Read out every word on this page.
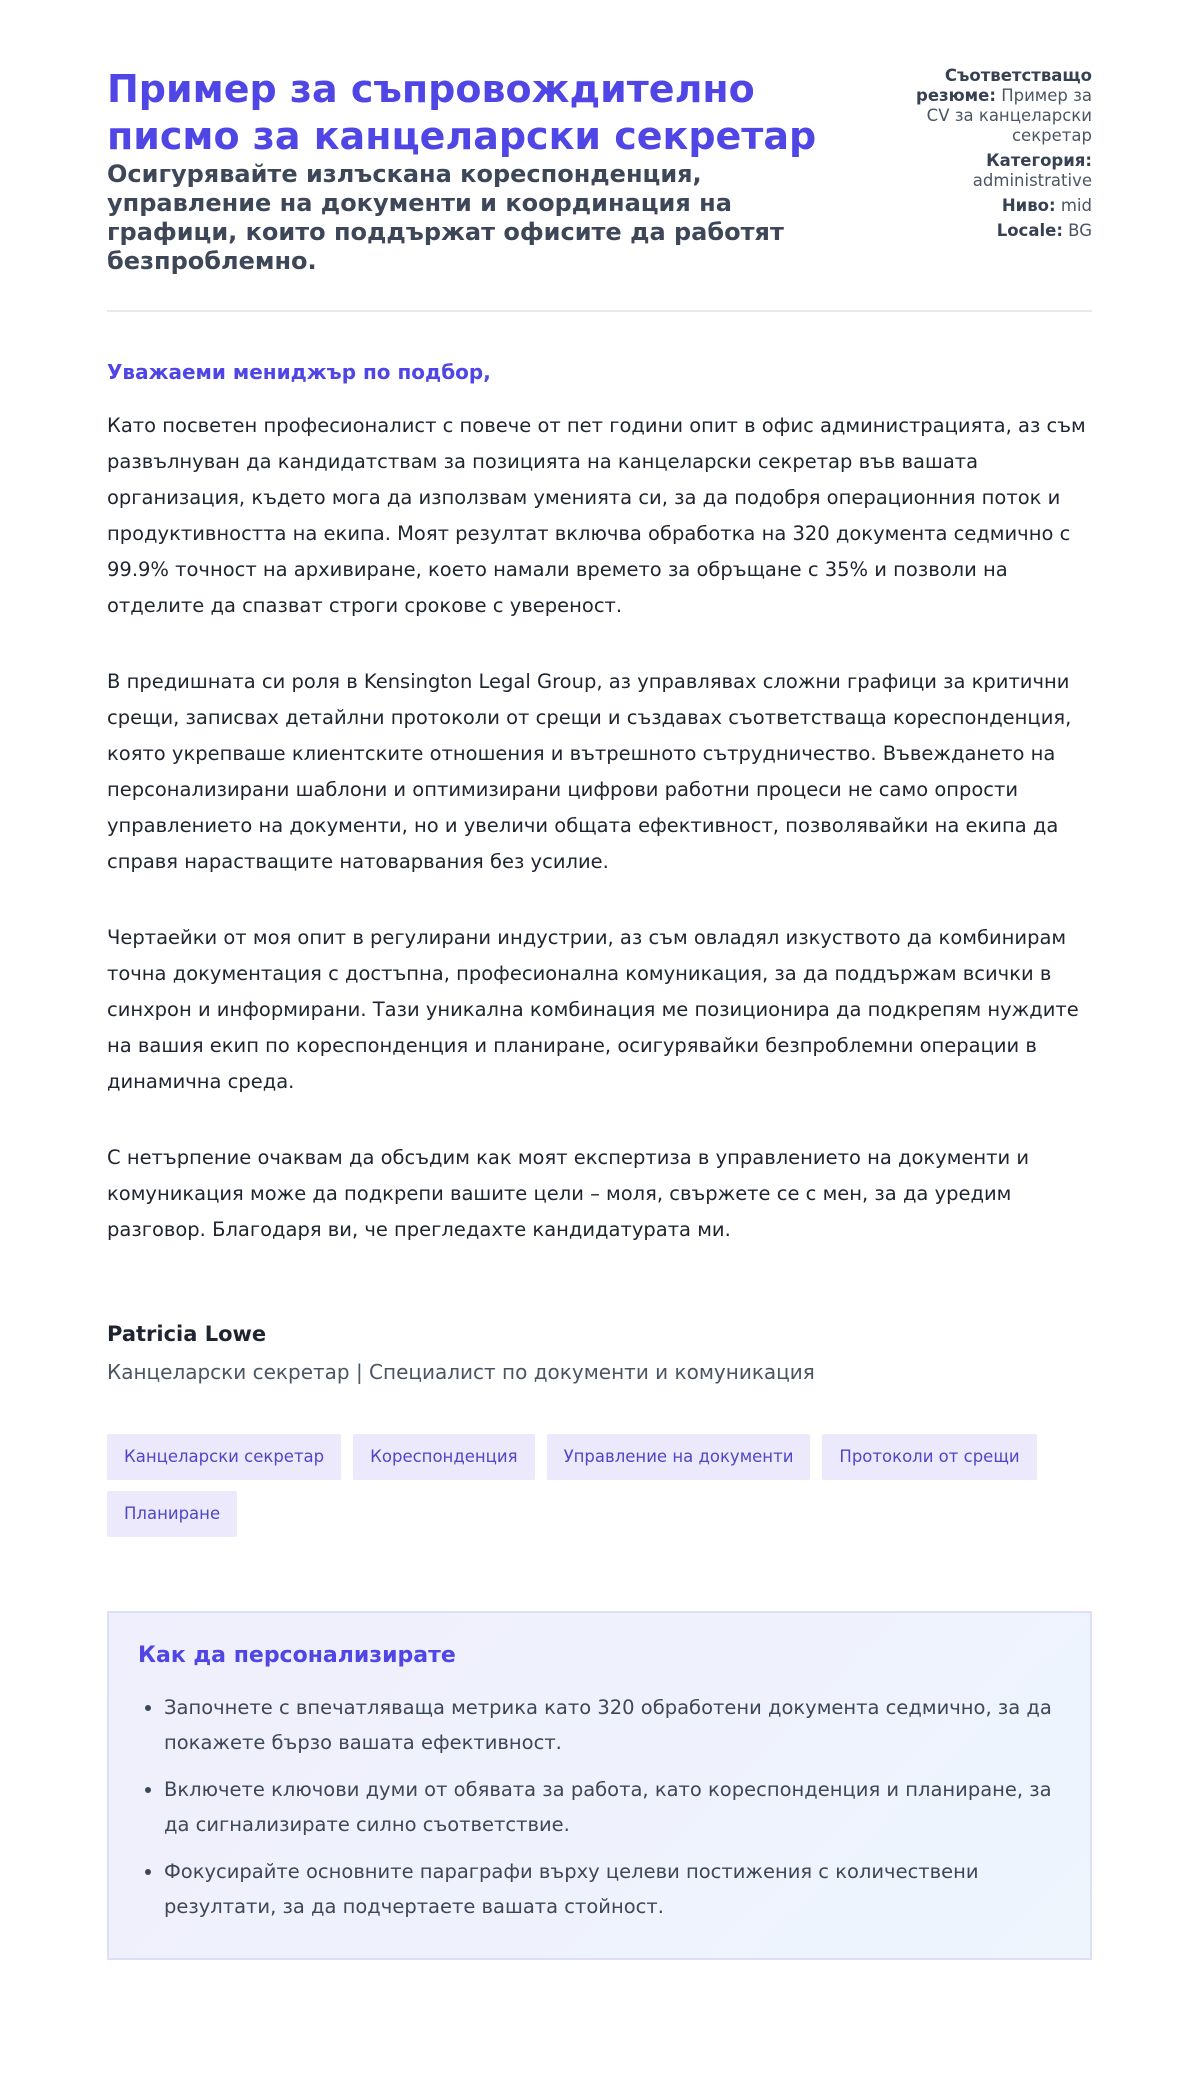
Пример за съпровождително писмо за канцеларски секретар

Осигурявайте излъскана кореспонденция, управление на документи и координация на графици, които поддържат офисите да работят безпроблемно.

Съответстващо резюме: Пример за CV за канцеларски секретар
Категория: administrative
Ниво: mid
Locale: BG

Уважаеми мениджър по подбор,

Като посветен професионалист с повече от пет години опит в офис администрацията, аз съм развълнуван да кандидатствам за позицията на канцеларски секретар във вашата организация, където мога да използвам уменията си, за да подобря операционния поток и продуктивността на екипа. Моят резултат включва обработка на 320 документа седмично с 99.9% точност на архивиране, което намали времето за обръщане с 35% и позволи на отделите да спазват строги срокове с увереност.

В предишната си роля в Kensington Legal Group, аз управлявах сложни графици за критични срещи, записвах детайлни протоколи от срещи и създавах съответстваща кореспонденция, която укрепваше клиентските отношения и вътрешното сътрудничество. Въвеждането на персонализирани шаблони и оптимизирани цифрови работни процеси не само опрости управлението на документи, но и увеличи общата ефективност, позволявайки на екипа да справя нарастващите натоварвания без усилие.

Чертаейки от моя опит в регулирани индустрии, аз съм овладял изкуството да комбинирам точна документация с достъпна, професионална комуникация, за да поддържам всички в синхрон и информирани. Тази уникална комбинация ме позиционира да подкрепям нуждите на вашия екип по кореспонденция и планиране, осигурявайки безпроблемни операции в динамична среда.

С нетърпение очаквам да обсъдим как моят експертиза в управлението на документи и комуникация може да подкрепи вашите цели – моля, свържете се с мен, за да уредим разговор. Благодаря ви, че прегледахте кандидатурата ми.

Patricia Lowe

Канцеларски секретар | Специалист по документи и комуникация

Канцеларски секретар	Кореспонденция	Управление на документи	Протоколи от срещи
Планиране
Как да персонализирате
• Започнете с впечатляваща метрика като 320 обработени документа седмично, за да покажете бързо вашата ефективност.
• Включете ключови думи от обявата за работа, като кореспонденция и планиране, за да сигнализирате силно съответствие.
• Фокусирайте основните параграфи върху целеви постижения с количествени резултати, за да подчертаете вашата стойност.
